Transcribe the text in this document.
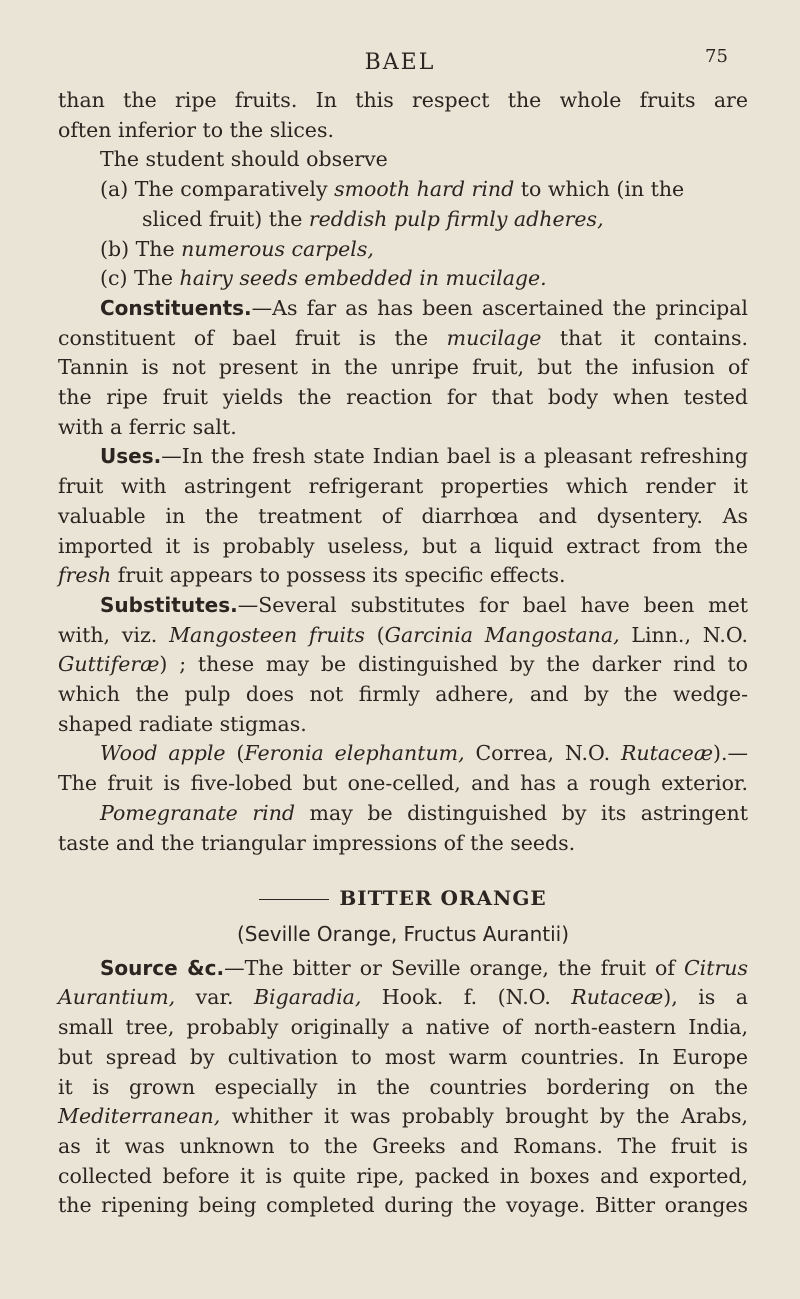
BAEL	75
than the ripe fruits. In this respect the whole fruits are
often inferior to the slices.
The student should observe
(a) The comparatively smooth hard rind to which (in the
sliced fruit) the reddish pulp firmly adheres,
(b) The numerous carpels,
(c) The hairy seeds embedded in mucilage.
Constituents.—As far as has been ascertained the principal
constituent of bael fruit is the mucilage that it contains.
Tannin is not present in the unripe fruit, but the infusion of
the ripe fruit yields the reaction for that body when tested
with a ferric salt.
Uses.—In the fresh state Indian bael is a pleasant refreshing
fruit with astringent refrigerant properties which render it
valuable in the treatment of diarrhœa and dysentery. As
imported it is probably useless, but a liquid extract from the
fresh fruit appears to possess its specific effects.
Substitutes.—Several substitutes for bael have been met
with, viz. Mangosteen fruits (Garcinia Mangostana, Linn., N.O.
Guttiferæ) ; these may be distinguished by the darker rind to
which the pulp does not firmly adhere, and by the wedge-
shaped radiate stigmas.
Wood apple (Feronia elephantum, Correa, N.O. Rutaceæ).—
The fruit is five-lobed but one-celled, and has a rough exterior.
Pomegranate rind may be distinguished by its astringent
taste and the triangular impressions of the seeds.
BITTER ORANGE
(Seville Orange, Fructus Aurantii)
Source &c.—The bitter or Seville orange, the fruit of Citrus
Aurantium, var. Bigaradia, Hook. f. (N.O. Rutaceæ), is a
small tree, probably originally a native of north-eastern India,
but spread by cultivation to most warm countries. In Europe
it is grown especially in the countries bordering on the
Mediterranean, whither it was probably brought by the Arabs,
as it was unknown to the Greeks and Romans. The fruit is
collected before it is quite ripe, packed in boxes and exported,
the ripening being completed during the voyage. Bitter oranges
